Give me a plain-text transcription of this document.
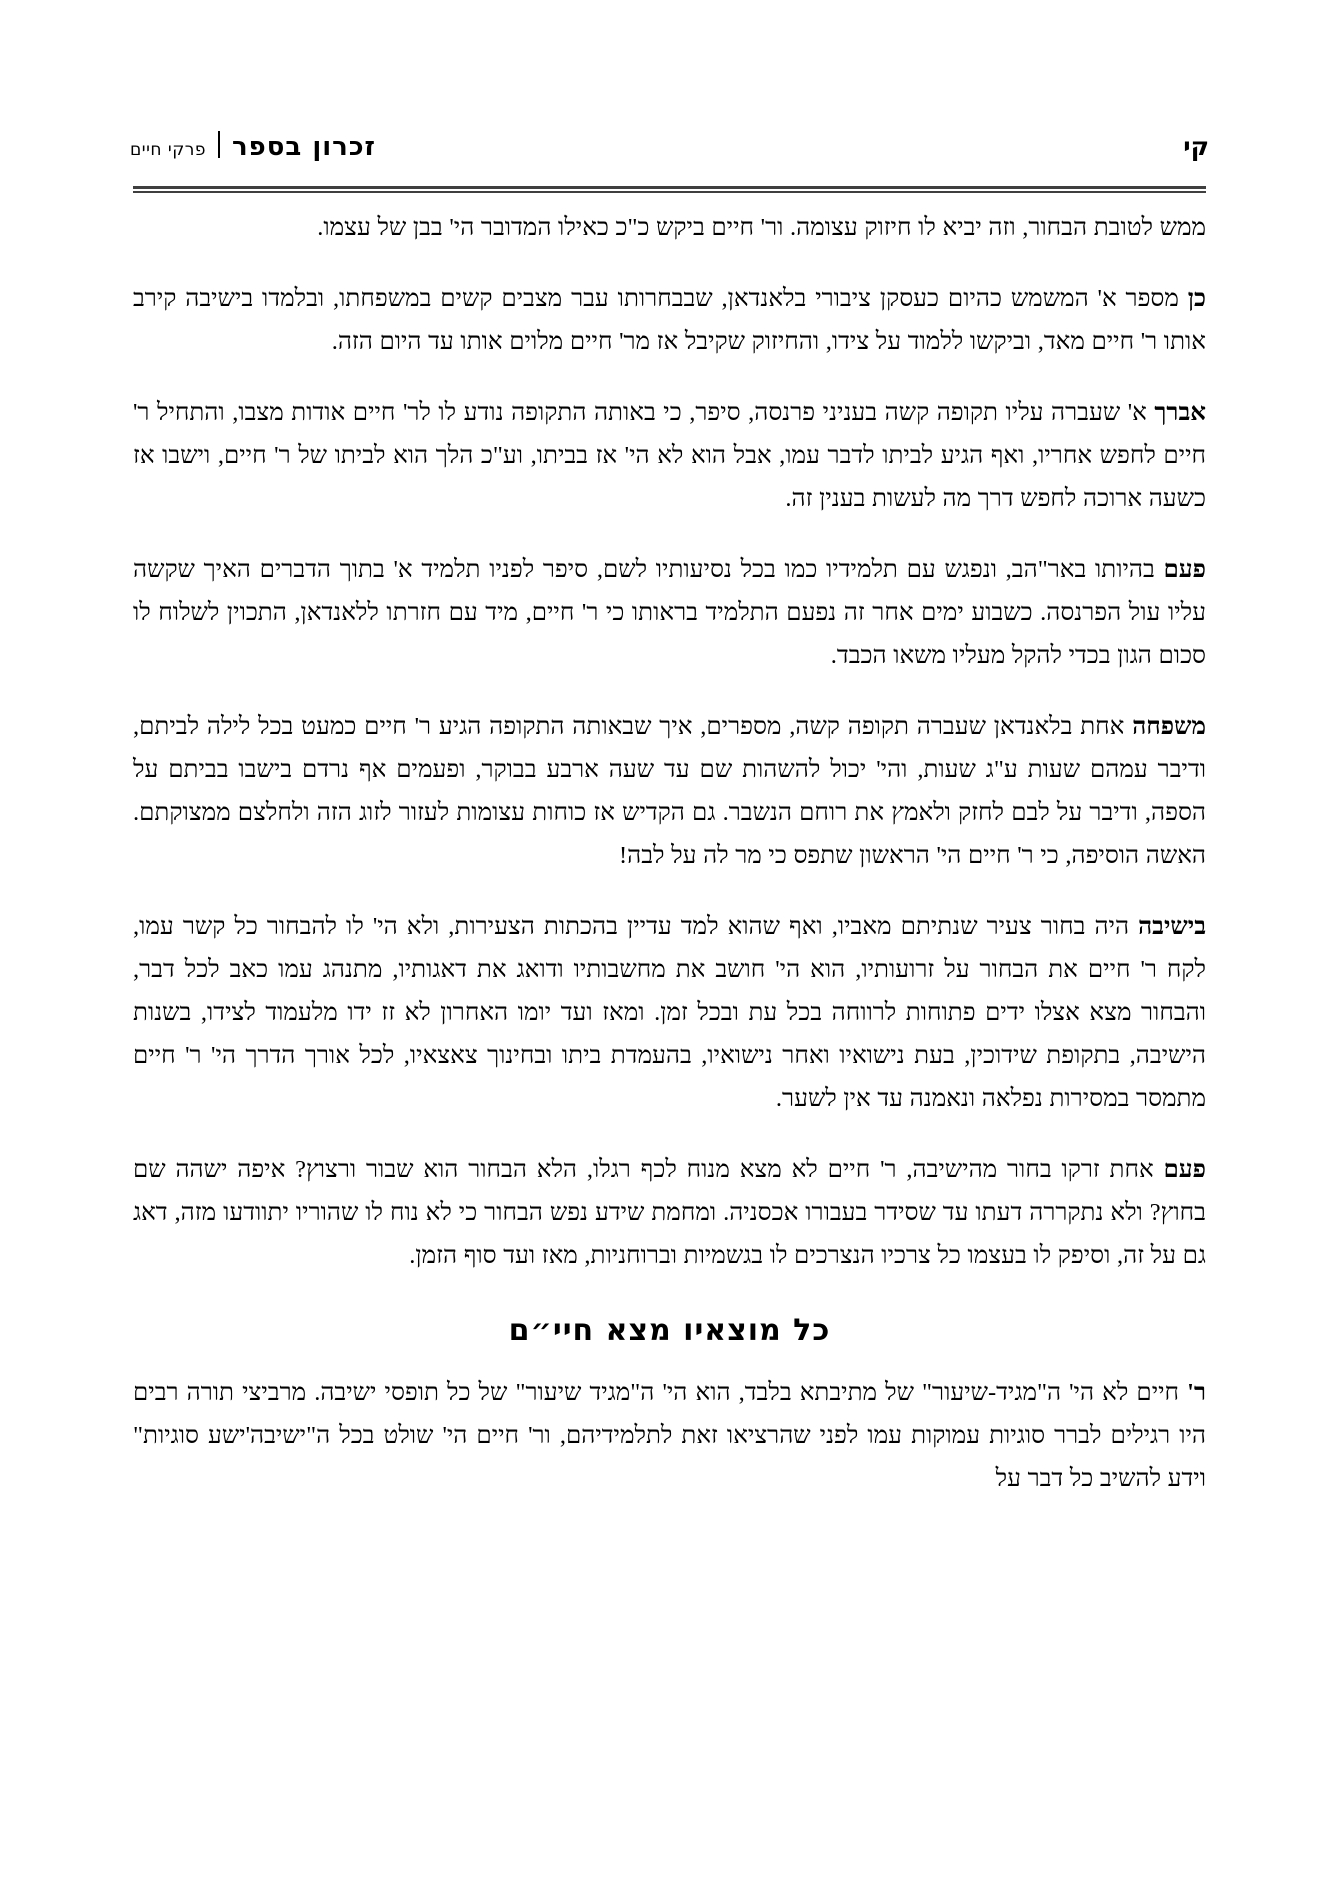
קי
זכרון בספר
פרקי חיים

ממש לטובת הבחור, וזה יביא לו חיזוק עצומה. ור' חיים ביקש כ"כ כאילו המדובר הי' בבן של עצמו.

כן מספר א' המשמש כהיום כעסקן ציבורי בלאנדאן, שבבחרותו עבר מצבים קשים במשפחתו, ובלמדו בישיבה קירב אותו ר' חיים מאד, וביקשו ללמוד על צידו, והחיזוק שקיבל אז מר' חיים מלוים אותו עד היום הזה.

אברך א' שעברה עליו תקופה קשה בעניני פרנסה, סיפר, כי באותה התקופה נודע לו לר' חיים אודות מצבו, והתחיל ר' חיים לחפש אחריו, ואף הגיע לביתו לדבר עמו, אבל הוא לא הי' אז בביתו, וע"כ הלך הוא לביתו של ר' חיים, וישבו אז כשעה ארוכה לחפש דרך מה לעשות בענין זה.

פעם בהיותו באר"הב, ונפגש עם תלמידיו כמו בכל נסיעותיו לשם, סיפר לפניו תלמיד א' בתוך הדברים האיך שקשה עליו עול הפרנסה. כשבוע ימים אחר זה נפעם התלמיד בראותו כי ר' חיים, מיד עם חזרתו ללאנדאן, התכוין לשלוח לו סכום הגון בכדי להקל מעליו משאו הכבד.

משפחה אחת בלאנדאן שעברה תקופה קשה, מספרים, איך שבאותה התקופה הגיע ר' חיים כמעט בכל לילה לביתם, ודיבר עמהם שעות ע"ג שעות, והי' יכול להשהות שם עד שעה ארבע בבוקר, ופעמים אף נרדם בישבו בביתם על הספה, ודיבר על לבם לחזק ולאמץ את רוחם הנשבר. גם הקדיש אז כוחות עצומות לעזור לזוג הזה ולחלצם ממצוקתם. האשה הוסיפה, כי ר' חיים הי' הראשון שתפס כי מר לה על לבה!

בישיבה היה בחור צעיר שנתיתם מאביו, ואף שהוא למד עדיין בהכתות הצעירות, ולא הי' לו להבחור כל קשר עמו, לקח ר' חיים את הבחור על זרועותיו, הוא הי' חושב את מחשבותיו ודואג את דאגותיו, מתנהג עמו כאב לכל דבר, והבחור מצא אצלו ידים פתוחות לרווחה בכל עת ובכל זמן. ומאז ועד יומו האחרון לא זז ידו מלעמוד לצידו, בשנות הישיבה, בתקופת שידוכין, בעת נישואיו ואחר נישואיו, בהעמדת ביתו ובחינוך צאצאיו, לכל אורך הדרך הי' ר' חיים מתמסר במסירות נפלאה ונאמנה עד אין לשער.

פעם אחת זרקו בחור מהישיבה, ר' חיים לא מצא מנוח לכף רגלו, הלא הבחור הוא שבור ורצוץ? איפה ישהה שם בחוץ? ולא נתקררה דעתו עד שסידר בעבורו אכסניה. ומחמת שידע נפש הבחור כי לא נוח לו שהוריו יתוודעו מזה, דאג גם על זה, וסיפק לו בעצמו כל צרכיו הנצרכים לו בגשמיות וברוחניות, מאז ועד סוף הזמן.

כל מוצאיו מצא חיי״ם

ר' חיים לא הי' ה"מגיד-שיעור" של מתיבתא בלבד, הוא הי' ה"מגיד שיעור" של כל תופסי ישיבה. מרביצי תורה רבים היו רגילים לברר סוגיות עמוקות עמו לפני שהרציאו זאת לתלמידיהם, ור' חיים הי' שולט בכל ה"ישיבה'ישע סוגיות" וידע להשיב כל דבר על
